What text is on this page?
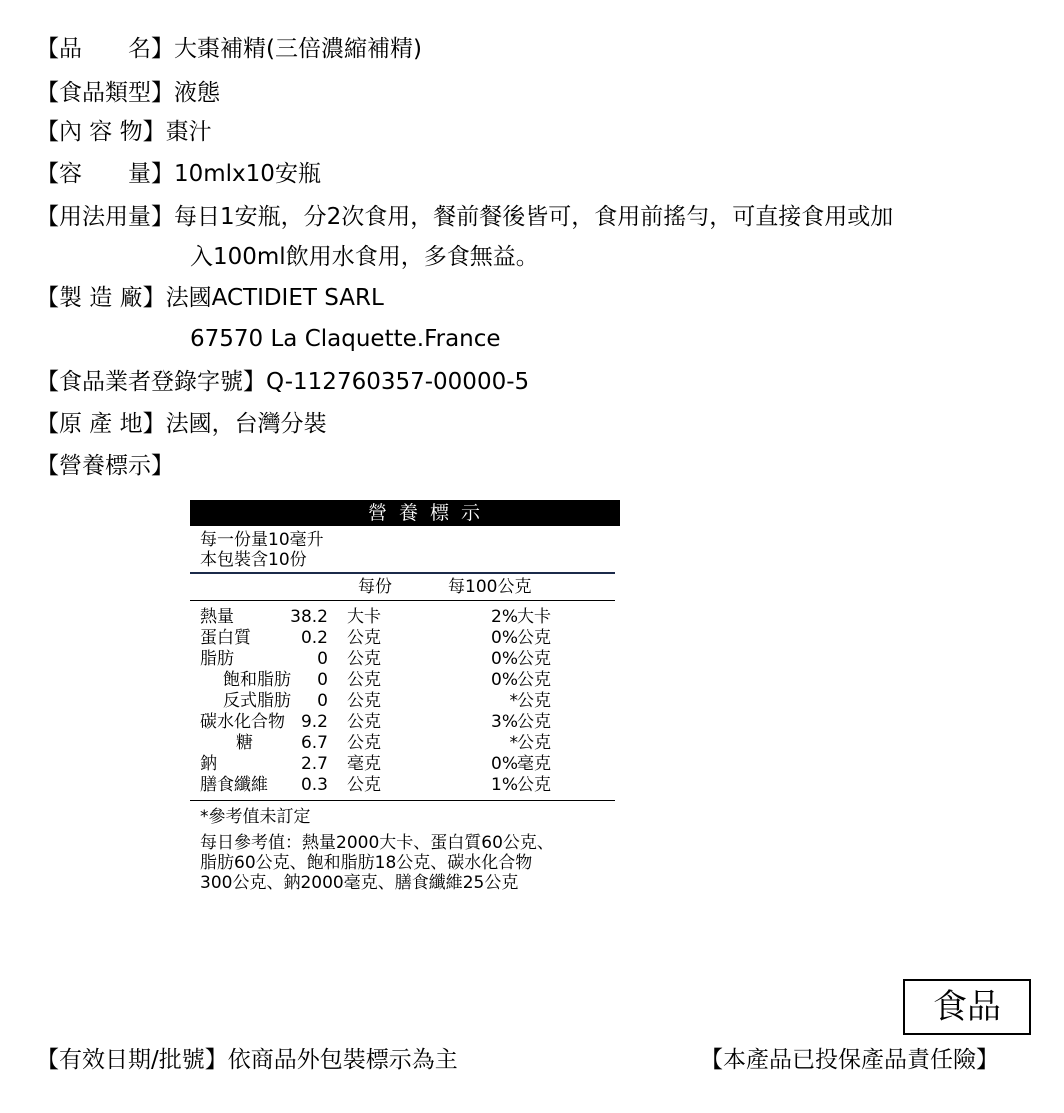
【品　　名】大棗補精(三倍濃縮補精)
【食品類型】液態
【內 容 物】棗汁
【容　　量】10mlx10安瓶
【用法用量】每日1安瓶，分2次食用，餐前餐後皆可，食用前搖勻，可直接食用或加
入100ml飲用水食用，多食無益。
【製 造 廠】法國ACTIDIET SARL
67570 La Claquette.France
【食品業者登錄字號】Q-112760357-00000-5
【原 產 地】法國，台灣分裝
【營養標示】
營養標示
每一份量10毫升
本包裝含10份
每份	每100公克
熱量	38.2 大卡	2% 大卡
蛋白質	0.2 公克	0% 公克
脂肪	0 公克	0% 公克
飽和脂肪 0 公克	0% 公克
反式脂肪 0 公克	* 公克
碳水化合物 9.2 公克	3% 公克
糖	6.7 公克	* 公克
鈉	2.7 毫克	0% 毫克
膳食纖維 0.3 公克	1% 公克

*參考值未訂定

每日參考值：熱量2000大卡、蛋白質60公克、

脂肪60公克、飽和脂肪18公克、碳水化合物

300公克、鈉2000毫克、膳食纖維25公克

食品
【有效日期/批號】依商品外包裝標示為主	【本產品已投保產品責任險】
